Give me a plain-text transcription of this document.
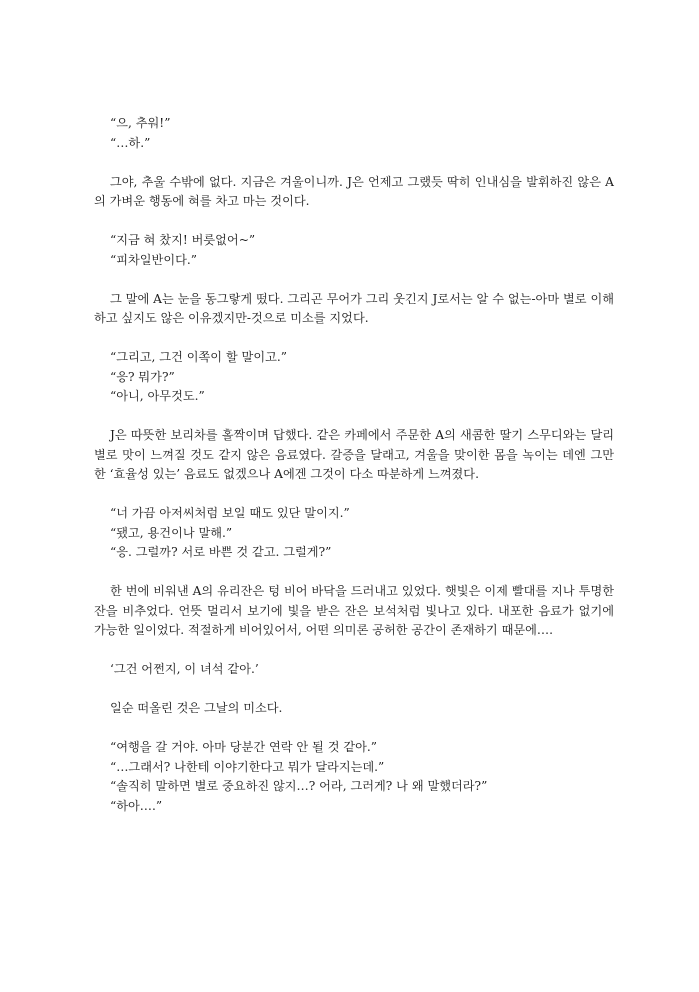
“으, 추워!”

“…하.”

그야, 추울 수밖에 없다. 지금은 겨울이니까. J은 언제고 그랬듯 딱히 인내심을 발휘하진 않은 A의 가벼운 행동에 혀를 차고 마는 것이다.

“지금 혀 찼지! 버릇없어~”

“피차일반이다.”

그 말에 A는 눈을 동그랗게 떴다. 그리곤 무어가 그리 웃긴지 J로서는 알 수 없는-아마 별로 이해하고 싶지도 않은 이유겠지만-것으로 미소를 지었다.

“그리고, 그건 이쪽이 할 말이고.”

“응? 뭐가?”

“아니, 아무것도.”

J은 따뜻한 보리차를 홀짝이며 답했다. 같은 카페에서 주문한 A의 새콤한 딸기 스무디와는 달리 별로 맛이 느껴질 것도 같지 않은 음료였다. 갈증을 달래고, 겨울을 맞이한 몸을 녹이는 데엔 그만한 ‘효율성 있는’ 음료도 없겠으나 A에겐 그것이 다소 따분하게 느껴졌다.

“너 가끔 아저씨처럼 보일 때도 있단 말이지.”

“됐고, 용건이나 말해.”

“응. 그럴까? 서로 바쁜 것 같고. 그럴게?”

한 번에 비워낸 A의 유리잔은 텅 비어 바닥을 드러내고 있었다. 햇빛은 이제 빨대를 지나 투명한 잔을 비추었다. 언뜻 멀리서 보기에 빛을 받은 잔은 보석처럼 빛나고 있다. 내포한 음료가 없기에 가능한 일이었다. 적절하게 비어있어서, 어떤 의미론 공허한 공간이 존재하기 때문에….

‘그건 어쩐지, 이 녀석 같아.’

일순 떠올린 것은 그날의 미소다.

“여행을 갈 거야. 아마 당분간 연락 안 될 것 같아.”

“…그래서? 나한테 이야기한다고 뭐가 달라지는데.”

“솔직히 말하면 별로 중요하진 않지…? 어라, 그러게? 나 왜 말했더라?”

“하아….”
